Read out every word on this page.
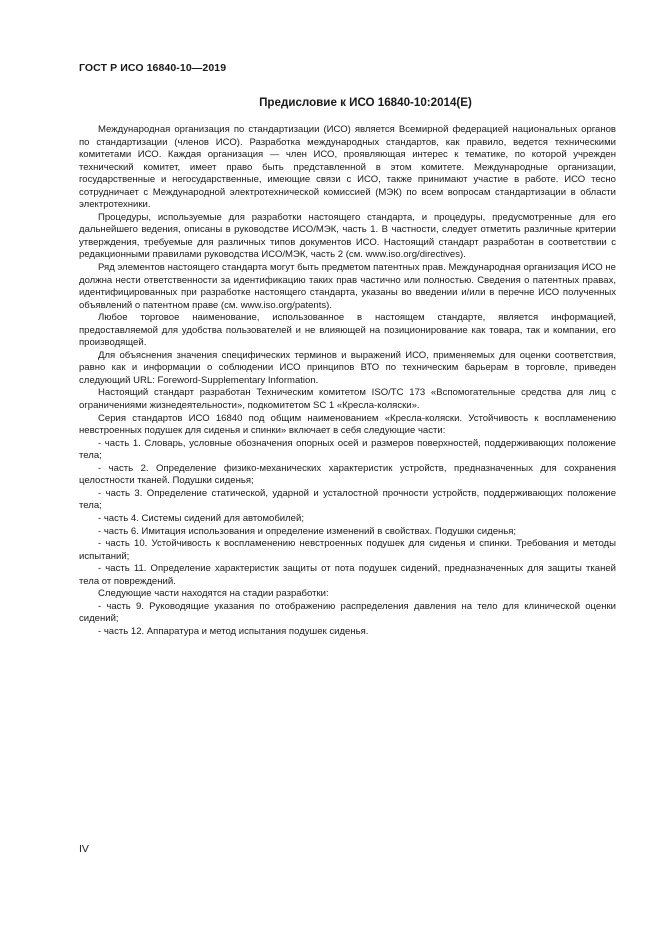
ГОСТ Р ИСО 16840-10—2019
Предисловие к ИСО 16840-10:2014(E)

Международная организация по стандартизации (ИСО) является Всемирной федерацией национальных органов по стандартизации (членов ИСО). Разработка международных стандартов, как правило, ведется техническими комитетами ИСО. Каждая организация — член ИСО, проявляющая интерес к тематике, по которой учрежден технический комитет, имеет право быть представленной в этом комитете. Международные организации, государственные и негосударственные, имеющие связи с ИСО, также принимают участие в работе. ИСО тесно сотрудничает с Международной электротехнической комиссией (МЭК) по всем вопросам стандартизации в области электротехники.

Процедуры, используемые для разработки настоящего стандарта, и процедуры, предусмотренные для его дальнейшего ведения, описаны в руководстве ИСО/МЭК, часть 1. В частности, следует отметить различные критерии утверждения, требуемые для различных типов документов ИСО. Настоящий стандарт разработан в соответствии с редакционными правилами руководства ИСО/МЭК, часть 2 (см. www.iso.org/directives).

Ряд элементов настоящего стандарта могут быть предметом патентных прав. Международная организация ИСО не должна нести ответственности за идентификацию таких прав частично или полностью. Сведения о патентных правах, идентифицированных при разработке настоящего стандарта, указаны во введении и/или в перечне ИСО полученных объявлений о патентном праве (см. www.iso.org/patents).

Любое торговое наименование, использованное в настоящем стандарте, является информацией, предоставляемой для удобства пользователей и не влияющей на позиционирование как товара, так и компании, его производящей.

Для объяснения значения специфических терминов и выражений ИСО, применяемых для оценки соответствия, равно как и информации о соблюдении ИСО принципов ВТО по техническим барьерам в торговле, приведен следующий URL: Foreword-Supplementary Information.

Настоящий стандарт разработан Техническим комитетом ISO/TC 173 «Вспомогательные средства для лиц с ограничениями жизнедеятельности», подкомитетом SC 1 «Кресла-коляски».

Серия стандартов ИСО 16840 под общим наименованием «Кресла-коляски. Устойчивость к воспламенению невстроенных подушек для сиденья и спинки» включает в себя следующие части:

- часть 1. Словарь, условные обозначения опорных осей и размеров поверхностей, поддерживающих положение тела;

- часть 2. Определение физико-механических характеристик устройств, предназначенных для сохранения целостности тканей. Подушки сиденья;

- часть 3. Определение статической, ударной и усталостной прочности устройств, поддерживающих положение тела;

- часть 4. Системы сидений для автомобилей;

- часть 6. Имитация использования и определение изменений в свойствах. Подушки сиденья;

- часть 10. Устойчивость к воспламенению невстроенных подушек для сиденья и спинки. Требования и методы испытаний;

- часть 11. Определение характеристик защиты от пота подушек сидений, предназначенных для защиты тканей тела от повреждений.

Следующие части находятся на стадии разработки:

- часть 9. Руководящие указания по отображению распределения давления на тело для клинической оценки сидений;

- часть 12. Аппаратура и метод испытания подушек сиденья.

IV
